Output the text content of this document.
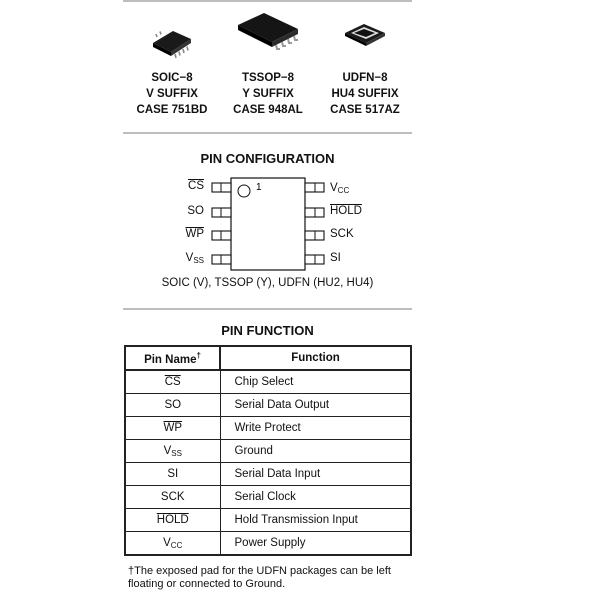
SOIC−8
V SUFFIX
CASE 751BD
TSSOP−8
Y SUFFIX
CASE 948AL
UDFN−8
HU4 SUFFIX
CASE 517AZ
PIN CONFIGURATION
1
$\overline{CS}$
SO
$\overline{WP}$
$V_{SS}$
$V_{CC}$
HOLD
SCK
SI
SOIC (V), TSSOP (Y), UDFN (HU2, HU4)
PIN FUNCTION
Pin Name†	Function
$\overline{CS}$	Chip Select
SO	Serial Data Output
$\overline{WP}$	Write Protect
$V_{SS}$	Ground
SI	Serial Data Input
SCK	Serial Clock
HOLD	Hold Transmission Input
$V_{CC}$	Power Supply
†The exposed pad for the UDFN packages can be left floating or connected to Ground.
